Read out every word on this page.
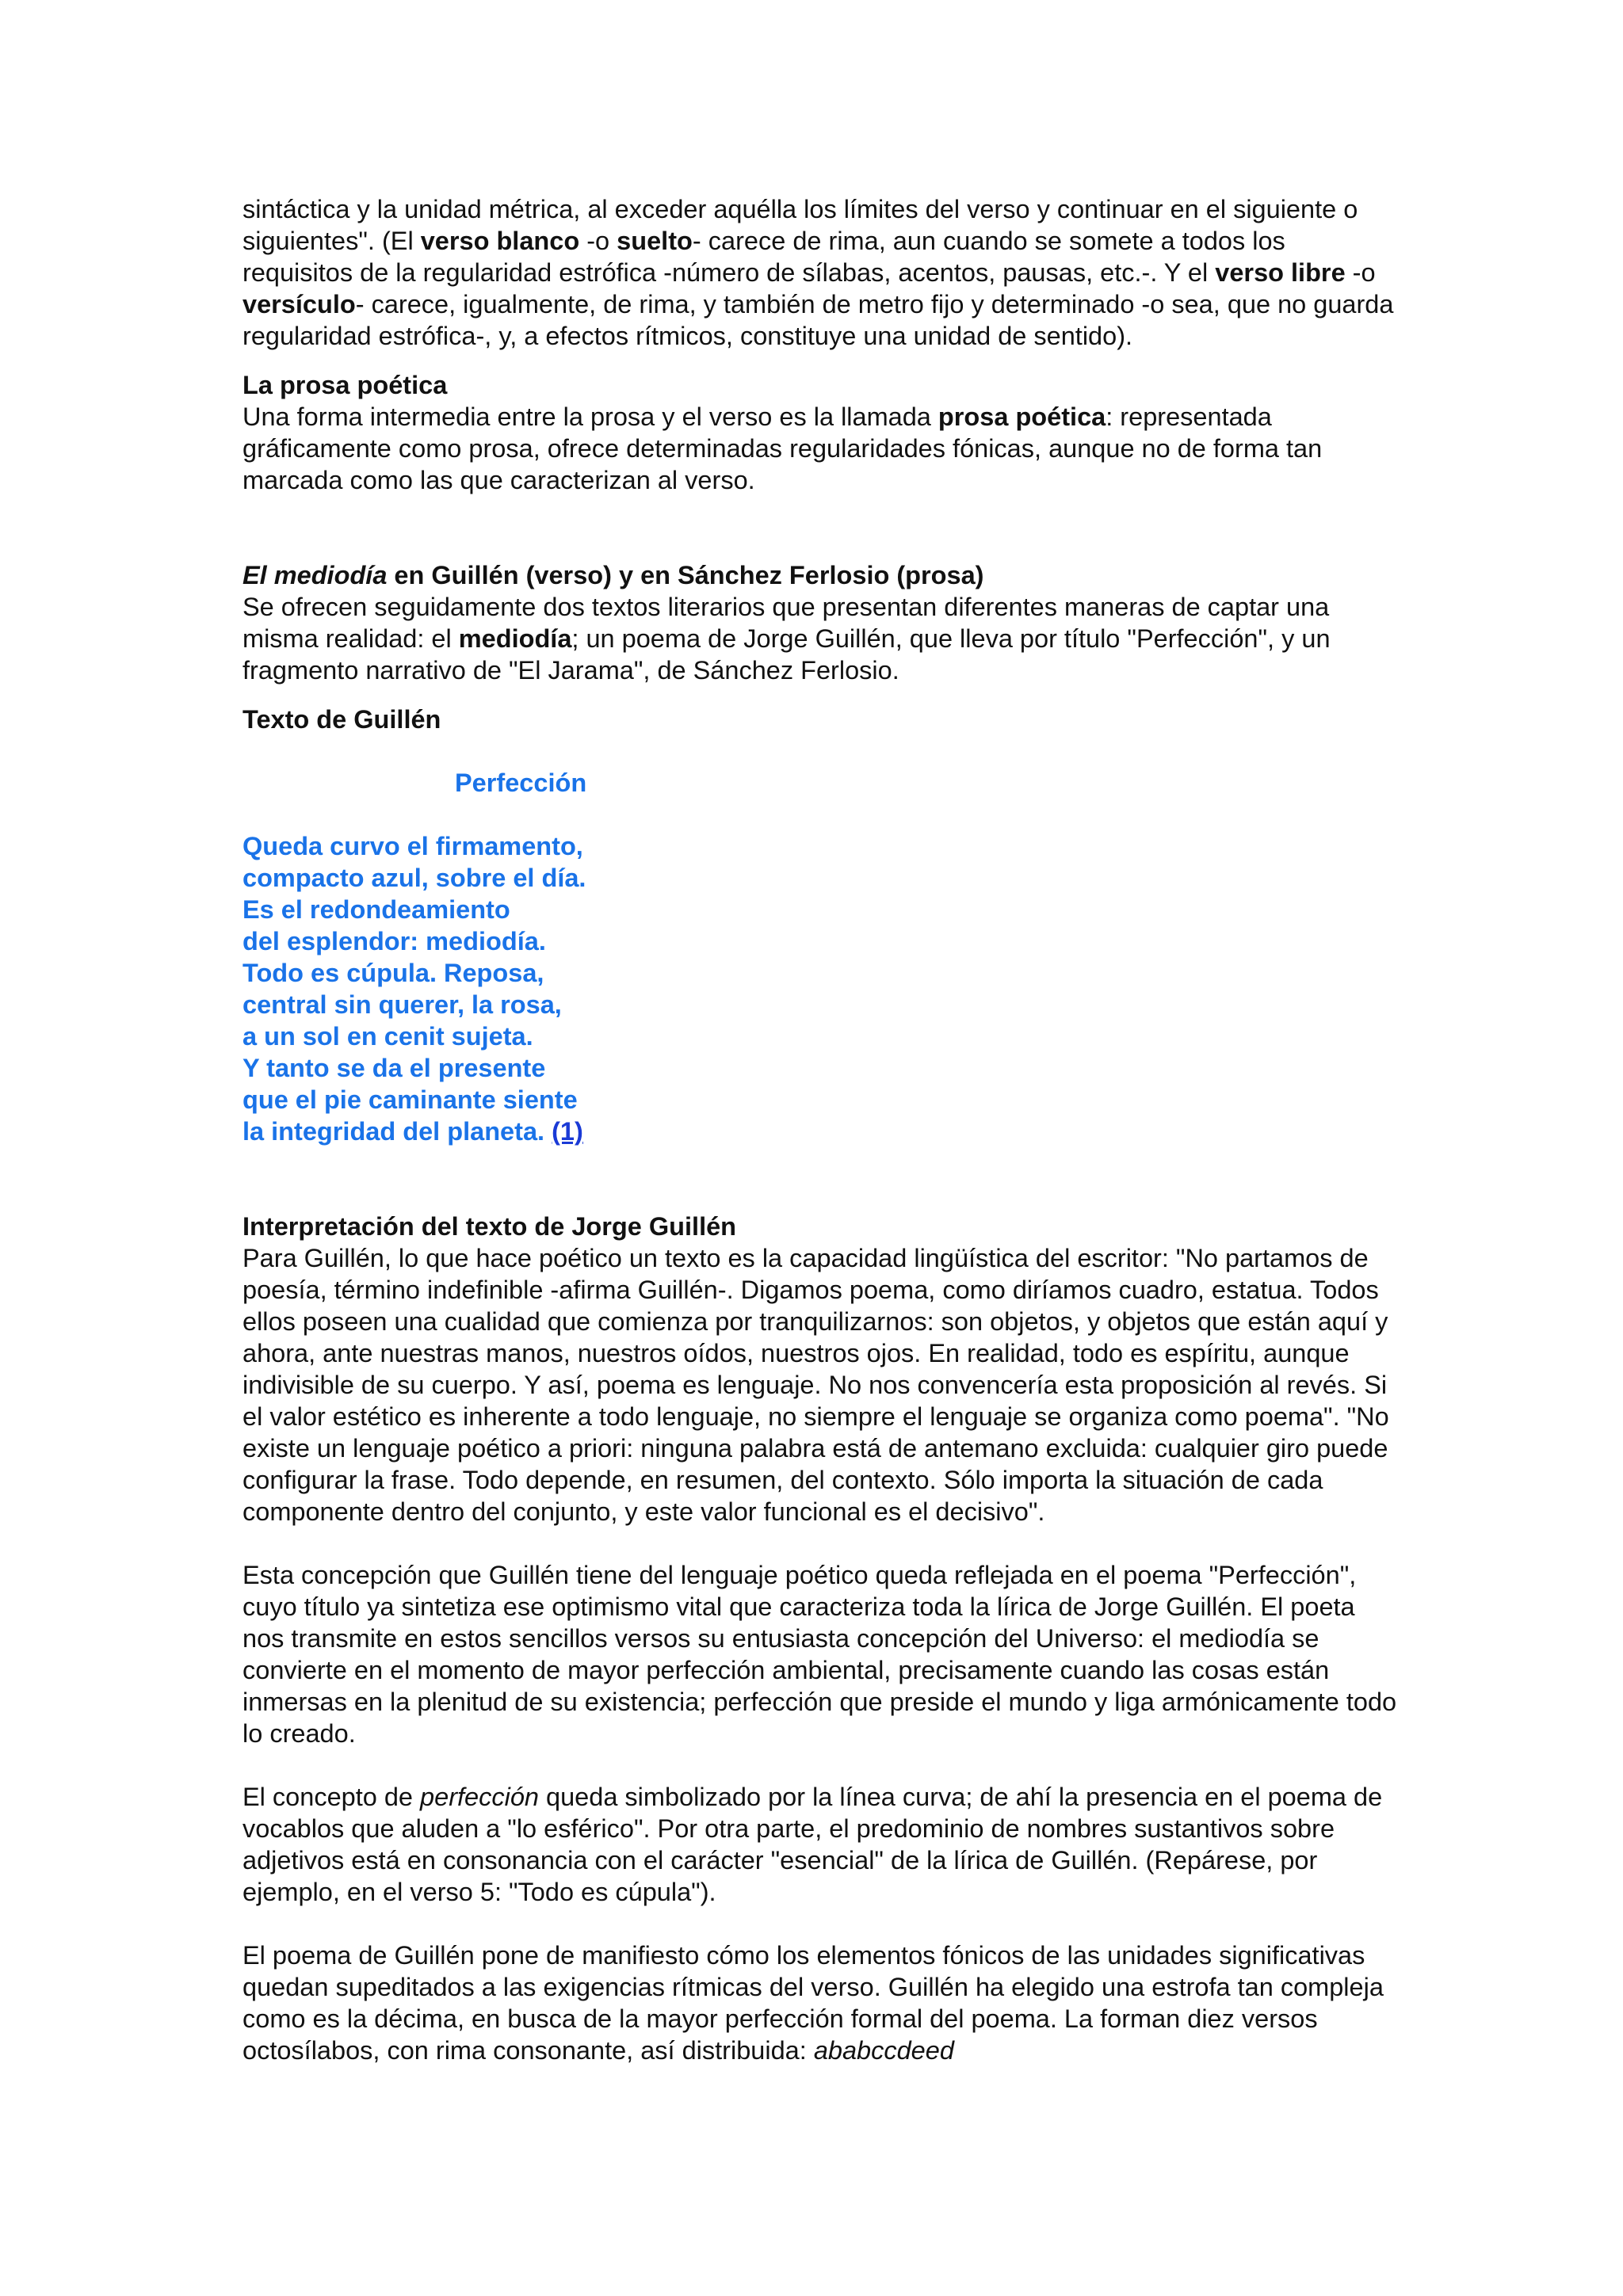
sintáctica y la unidad métrica, al exceder aquélla los límites del verso y continuar en el siguiente o siguientes". (El verso blanco -o suelto- carece de rima, aun cuando se somete a todos los requisitos de la regularidad estrófica -número de sílabas, acentos, pausas, etc.-. Y el verso libre -o versículo- carece, igualmente, de rima, y también de metro fijo y determinado -o sea, que no guarda regularidad estrófica-, y, a efectos rítmicos, constituye una unidad de sentido).

La prosa poética

Una forma intermedia entre la prosa y el verso es la llamada prosa poética: representada gráficamente como prosa, ofrece determinadas regularidades fónicas, aunque no de forma tan marcada como las que caracterizan al verso.

El mediodía en Guillén (verso) y en Sánchez Ferlosio (prosa)

Se ofrecen seguidamente dos textos literarios que presentan diferentes maneras de captar una misma realidad: el mediodía; un poema de Jorge Guillén, que lleva por título "Perfección", y un fragmento narrativo de "El Jarama", de Sánchez Ferlosio.

Texto de Guillén

Perfección

Queda curvo el firmamento,
compacto azul, sobre el día.
Es el redondeamiento
del esplendor: mediodía.
Todo es cúpula. Reposa,
central sin querer, la rosa,
a un sol en cenit sujeta.
Y tanto se da el presente
que el pie caminante siente
la integridad del planeta. (1)

Interpretación del texto de Jorge Guillén

Para Guillén, lo que hace poético un texto es la capacidad lingüística del escritor: "No partamos de poesía, término indefinible -afirma Guillén-. Digamos poema, como diríamos cuadro, estatua. Todos ellos poseen una cualidad que comienza por tranquilizarnos: son objetos, y objetos que están aquí y ahora, ante nuestras manos, nuestros oídos, nuestros ojos. En realidad, todo es espíritu, aunque indivisible de su cuerpo. Y así, poema es lenguaje. No nos convencería esta proposición al revés. Si el valor estético es inherente a todo lenguaje, no siempre el lenguaje se organiza como poema". "No existe un lenguaje poético a priori: ninguna palabra está de antemano excluida: cualquier giro puede configurar la frase. Todo depende, en resumen, del contexto. Sólo importa la situación de cada componente dentro del conjunto, y este valor funcional es el decisivo".

Esta concepción que Guillén tiene del lenguaje poético queda reflejada en el poema "Perfección", cuyo título ya sintetiza ese optimismo vital que caracteriza toda la lírica de Jorge Guillén. El poeta nos transmite en estos sencillos versos su entusiasta concepción del Universo: el mediodía se convierte en el momento de mayor perfección ambiental, precisamente cuando las cosas están inmersas en la plenitud de su existencia; perfección que preside el mundo y liga armónicamente todo lo creado.

El concepto de perfección queda simbolizado por la línea curva; de ahí la presencia en el poema de vocablos que aluden a "lo esférico". Por otra parte, el predominio de nombres sustantivos sobre adjetivos está en consonancia con el carácter "esencial" de la lírica de Guillén. (Repárese, por ejemplo, en el verso 5: "Todo es cúpula").

El poema de Guillén pone de manifiesto cómo los elementos fónicos de las unidades significativas quedan supeditados a las exigencias rítmicas del verso. Guillén ha elegido una estrofa tan compleja como es la décima, en busca de la mayor perfección formal del poema. La forman diez versos octosílabos, con rima consonante, así distribuida: ababccdeed
